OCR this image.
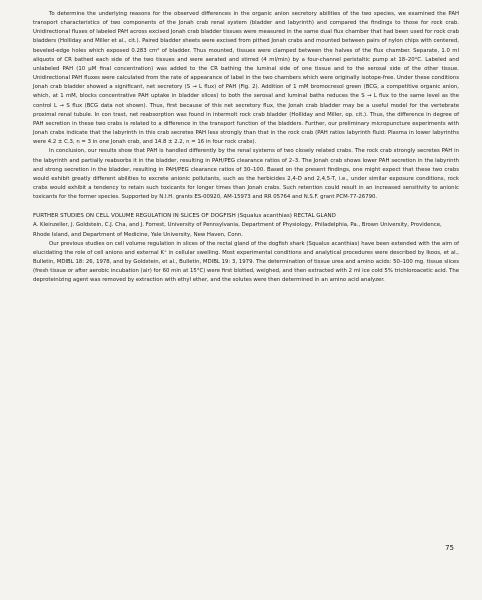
To determine the underlying reasons for the observed differences in the organic anion secretory abilities of the two species, we examined the PAH transport characteristics of two components of the Jonah crab renal system (bladder and labyrinth) and compared the findings to those for rock crab. Unidirectional fluxes of labeled PAH across excised Jonah crab bladder tissues were measured in the same dual flux chamber that had been used for rock crab bladders (Holliday and Miller et al., cit.). Paired bladder sheets were excised from pithed Jonah crabs and mounted between pairs of nylon chips with centered, beveled-edge holes which exposed 0.283 cm² of bladder. Thus mounted, tissues were clamped between the halves of the flux chamber. Separate, 1.0 ml aliquots of CR bathed each side of the two tissues and were aerated and stirred (4 ml/min) by a four-channel peristaltic pump at 18–20°C. Labeled and unlabeled PAH (10 µM final concentration) was added to the CR bathing the luminal side of one tissue and to the serosal side of the other tissue. Unidirectional PAH fluxes were calculated from the rate of appearance of label in the two chambers which were originally isotope-free. Under these conditions Jonah crab bladder showed a significant, net secretory (S → L flux) of PAH (Fig. 2). Addition of 1 mM bromocresol green (BCG, a competitive organic anion, which, at 1 mM, blocks concentrative PAH uptake in bladder slices) to both the serosal and luminal baths reduces the S → L flux to the same level as the control L → S flux (BCG data not shown). Thus, first because of this net secretory flux, the Jonah crab bladder may be a useful model for the vertebrate proximal renal tubule. In con trast, net reabsorption was found in intermolt rock crab bladder (Holliday and Miller, op. cit.). Thus, the difference in degree of PAH secretion in these two crabs is related to a difference in the transport function of the bladders. Further, our preliminary micropuncture experiments with Jonah crabs indicate that the labyrinth in this crab secretes PAH less strongly than that in the rock crab (PAH ratios labyrinth fluid: Plasma in lower labyrinths were 4.2 ± C.3, n = 3 in one Jonah crab, and 14.8 ± 2.2, n = 16 in four rock crabs).

In conclusion, our results show that PAH is handled differently by the renal systems of two closely related crabs. The rock crab strongly secretes PAH in the labyrinth and partially reabsorbs it in the bladder, resulting in PAH/PEG clearance ratios of 2–3. The Jonah crab shows lower PAH secretion in the labyrinth and strong secretion in the bladder, resulting in PAH/PEG clearance ratios of 30–100. Based on the present findings, one might expect that these two crabs would exhibit greatly different abilities to excrete anionic pollutants, such as the herbicides 2,4-D and 2,4,5-T, i.e., under similar exposure conditions, rock crabs would exhibit a tendency to retain such toxicants for longer times than Jonah crabs. Such retention could result in an increased sensitivity to anionic toxicants for the former species. Supported by N.I.H. grants ES-00920, AM-15973 and RR 05764 and N.S.F. grant PCM-77-26790.

FURTHER STUDIES ON CELL VOLUME REGULATION IN SLICES OF DOGFISH (Squalus acanthias) RECTAL GLAND

A. Kleinzeller, J. Goldstein, C.J. Cha, and J. Forrest, University of Pennsylvania, Department of Physiology, Philadelphia, Pa., Brown University, Providence, Rhode Island, and Department of Medicine, Yale University, New Haven, Conn.

Our previous studies on cell volume regulation in slices of the rectal gland of the dogfish shark (Squalus acanthias) have been extended with the aim of elucidating the role of cell anions and external K⁺ in cellular swelling. Most experimental conditions and analytical procedures were described by Ikoos, et al., Bulletin, MDIBL 18: 26, 1978, and by Goldstein, et al., Bulletin, MDIBL 19: 3, 1979. The determination of tissue urea and amino acids: 50–100 mg. tissue slices (fresh tissue or after aerobic incubation (air) for 60 min at 15°C) were first blotted, weighed, and then extracted with 2 ml ice cold 5% trichloroacetic acid. The deproteinizing agent was removed by extraction with ethyl ether, and the solutes were then determined in an amino acid analyzer.

75
